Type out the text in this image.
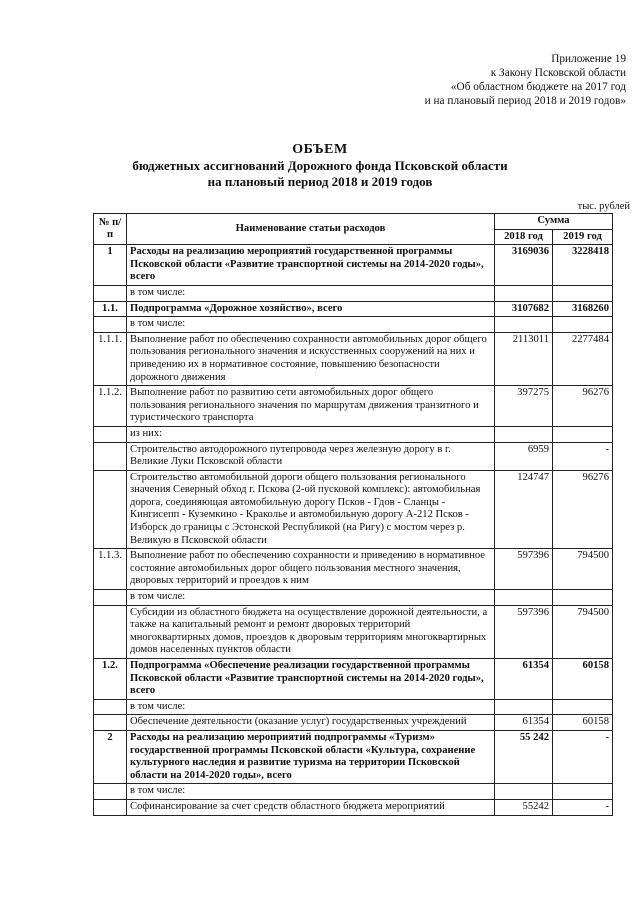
Приложение 19
к Закону Псковской области
«Об областном бюджете на 2017 год
и на плановый период 2018 и 2019 годов»
ОБЪЕМ
бюджетных ассигнований Дорожного фонда Псковской области
на плановый период 2018 и 2019 годов
тыс. рублей
№ п/п	Наименование статьи расходов	Сумма	
		2018 год	2019 год
1	Расходы на реализацию мероприятий государственной программы Псковской области «Развитие транспортной системы на 2014-2020 годы», всего	3169036	3228418
	в том числе:		
1.1.	Подпрограмма «Дорожное хозяйство», всего	3107682	3168260
	в том числе:		
1.1.1.	Выполнение работ по обеспечению сохранности автомобильных дорог общего пользования регионального значения и искусственных сооружений на них и приведению их в нормативное состояние, повышению безопасности дорожного движения	2113011	2277484
1.1.2.	Выполнение работ по развитию сети автомобильных дорог общего пользования регионального значения по маршрутам движения транзитного и туристического транспорта	397275	96276
	из них:		
	Строительство автодорожного путепровода через железную дорогу в г. Великие Луки Псковской области	6959	-
	Строительство автомобильной дороги общего пользования регионального значения Северный обход г. Пскова (2-ой пусковой комплекс): автомобильная дорога, соединяющая автомобильную дорогу Псков - Гдов - Сланцы - Кингисепп - Куземкино - Краколье и автомобильную дорогу А-212 Псков - Изборск до границы с Эстонской Республикой (на Ригу) с мостом через р. Великую в Псковской области	124747	96276
1.1.3.	Выполнение работ по обеспечению сохранности и приведению в нормативное состояние автомобильных дорог общего пользования местного значения, дворовых территорий и проездов к ним	597396	794500
	в том числе:		
	Субсидии из областного бюджета на осуществление дорожной деятельности, а также на капитальный ремонт и ремонт дворовых территорий многоквартирных домов, проездов к дворовым территориям многоквартирных домов населенных пунктов области	597396	794500
1.2.	Подпрограмма «Обеспечение реализации государственной программы Псковской области «Развитие транспортной системы на 2014-2020 годы», всего	61354	60158
	в том числе:		
	Обеспечение деятельности (оказание услуг) государственных учреждений	61354	60158
2	Расходы на реализацию мероприятий подпрограммы «Туризм» государственной программы Псковской области «Культура, сохранение культурного наследия и развитие туризма на территории Псковской области на 2014-2020 годы», всего	55 242	-
	в том числе:		
	Софинансирование за счет средств областного бюджета мероприятий	55242	-
